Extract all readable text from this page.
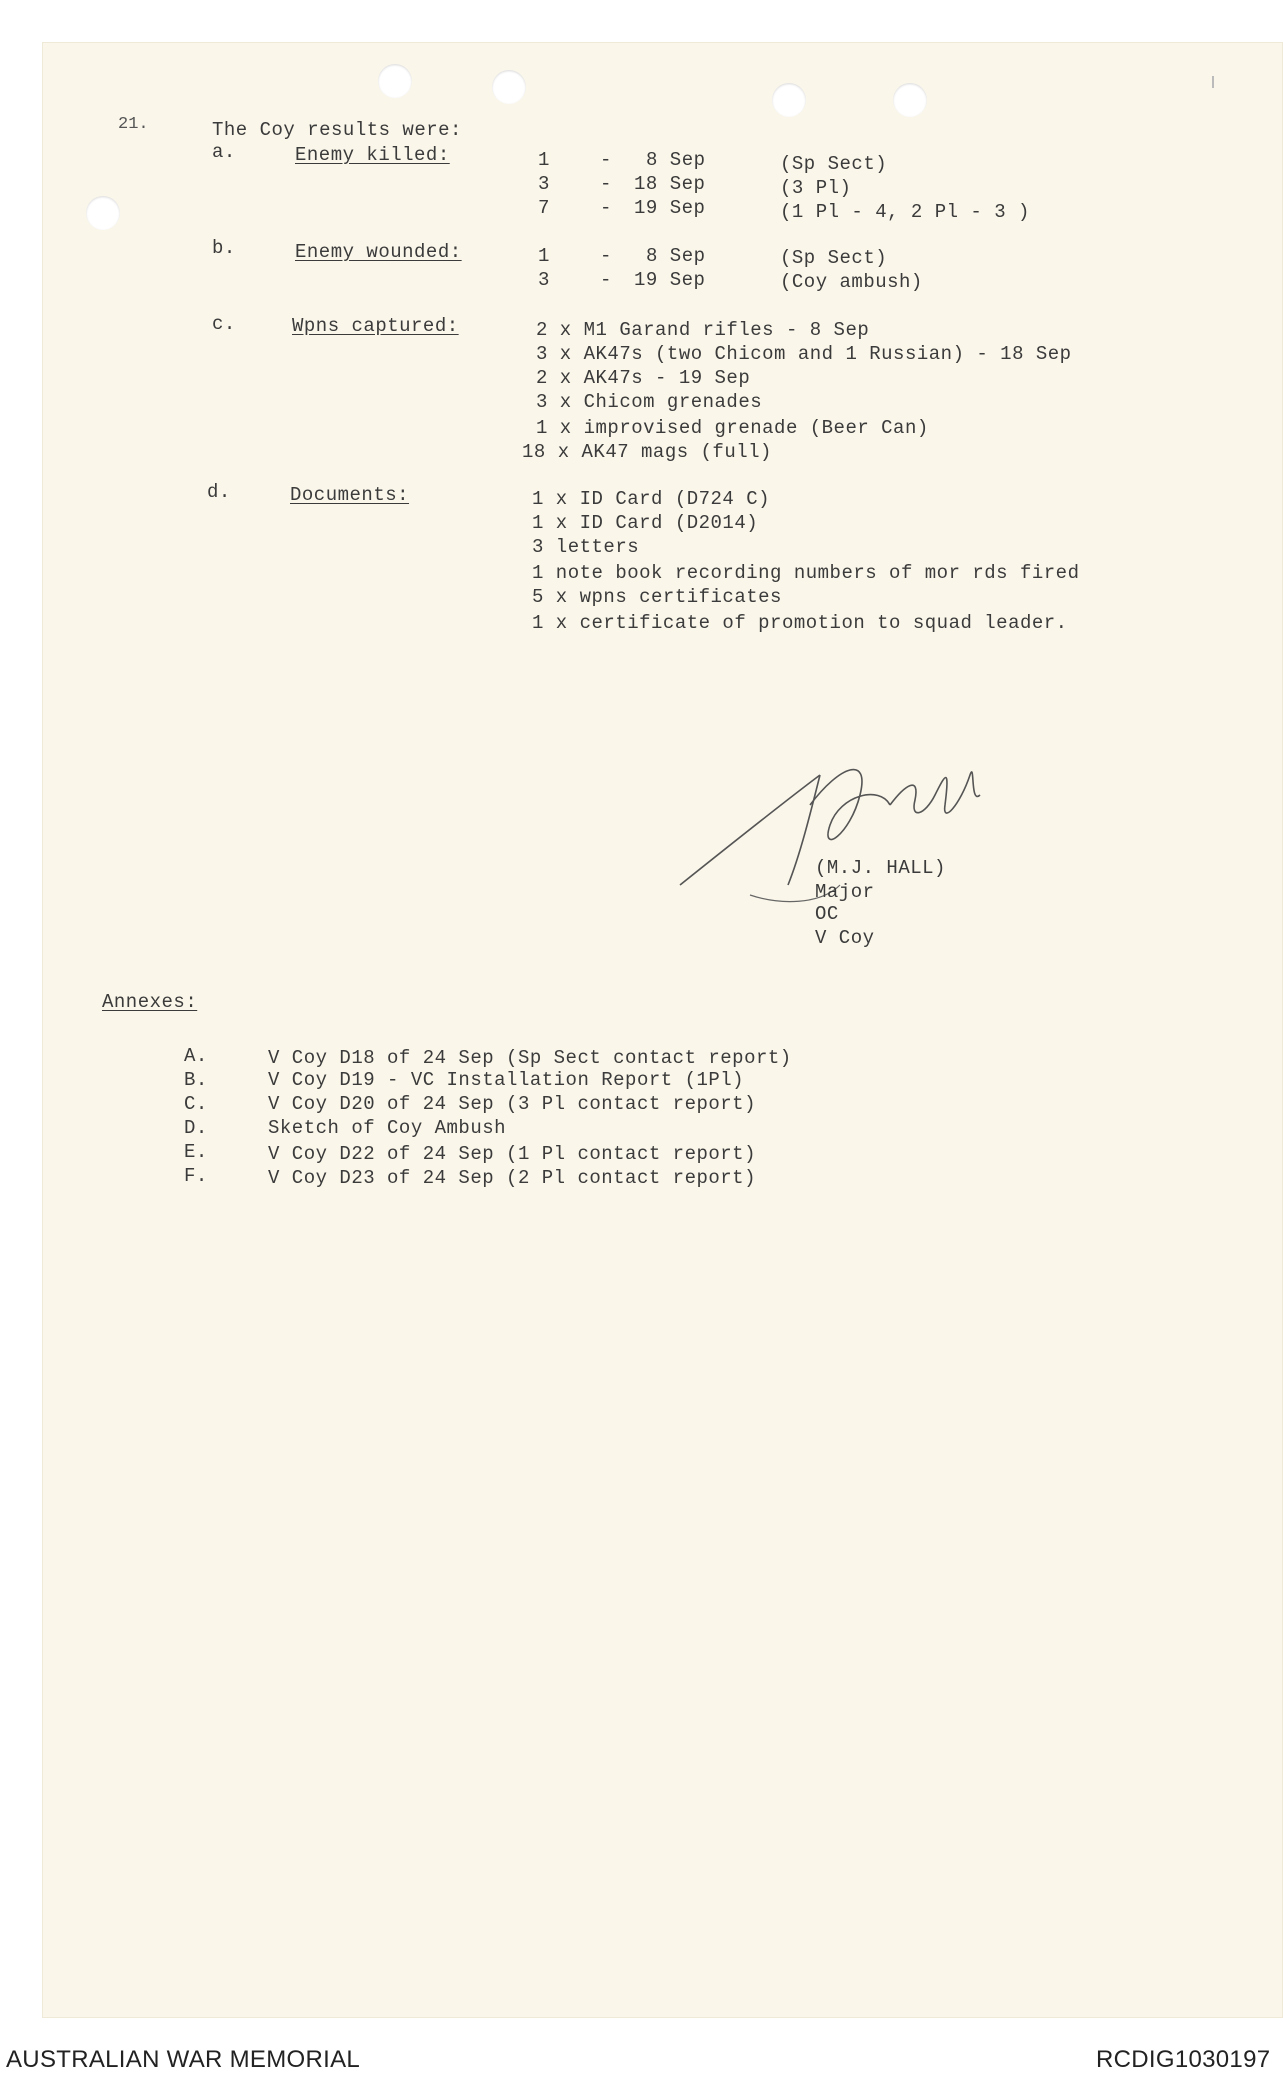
21.	The Coy results were:
a.	Enemy killed:	1	- 8 Sep	(Sp Sect)
3	- 18 Sep	(3 Pl)
7	- 19 Sep	(1 Pl - 4, 2 Pl - 3 )
b.	Enemy wounded:	1	- 8 Sep	(Sp Sect)
3	- 19 Sep	(Coy ambush)
c.	Wpns captured:	2 x M1 Garand rifles - 8 Sep
3 x AK47s (two Chicom and 1 Russian) - 18 Sep
2 x AK47s - 19 Sep
3 x Chicom grenades
1 x improvised grenade (Beer Can)
18 x AK47 mags (full)
d.	Documents:	1 x ID Card (D724 C)
1 x ID Card (D2014)
3 letters
1 note book recording numbers of mor rds fired
5 x wpns certificates
1 x certificate of promotion to squad leader.
(M.J. HALL)
Major
OC
V Coy
Annexes:
A.	V Coy D18 of 24 Sep (Sp Sect contact report)
B.	V Coy D19 - VC Installation Report (1Pl)
C.	V Coy D20 of 24 Sep (3 Pl contact report)
D.	Sketch of Coy Ambush
E.	V Coy D22 of 24 Sep (1 Pl contact report)
F.	V Coy D23 of 24 Sep (2 Pl contact report)
AUSTRALIAN WAR MEMORIAL	RCDIG1030197
